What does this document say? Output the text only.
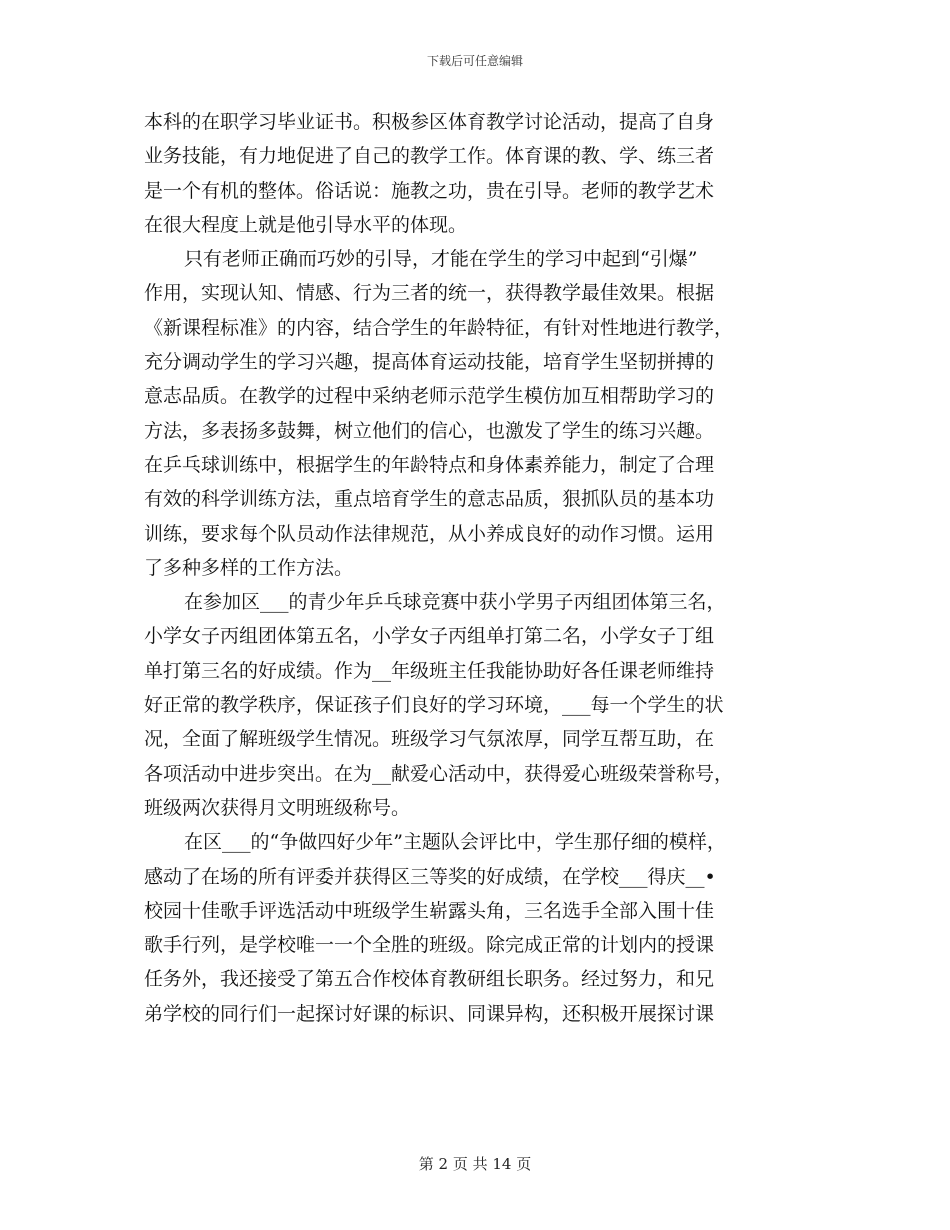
下载后可任意编辑
本科的在职学习毕业证书。积极参区体育教学讨论活动，提高了自身
业务技能，有力地促进了自己的教学工作。体育课的教、学、练三者
是一个有机的整体。俗话说：施教之功，贵在引导。老师的教学艺术
在很大程度上就是他引导水平的体现。
只有老师正确而巧妙的引导，才能在学生的学习中起到“引爆”
作用，实现认知、情感、行为三者的统一，获得教学最佳效果。根据
《新课程标准》的内容，结合学生的年龄特征，有针对性地进行教学，
充分调动学生的学习兴趣，提高体育运动技能，培育学生坚韧拼搏的
意志品质。在教学的过程中采纳老师示范学生模仿加互相帮助学习的
方法，多表扬多鼓舞，树立他们的信心，也激发了学生的练习兴趣。
在乒乓球训练中，根据学生的年龄特点和身体素养能力，制定了合理
有效的科学训练方法，重点培育学生的意志品质，狠抓队员的基本功
训练，要求每个队员动作法律规范，从小养成良好的动作习惯。运用
了多种多样的工作方法。
在参加区___的青少年乒乓球竞赛中获小学男子丙组团体第三名，
小学女子丙组团体第五名，小学女子丙组单打第二名，小学女子丁组
单打第三名的好成绩。作为__年级班主任我能协助好各任课老师维持
好正常的教学秩序，保证孩子们良好的学习环境，___每一个学生的状
况，全面了解班级学生情况。班级学习气氛浓厚，同学互帮互助，在
各项活动中进步突出。在为__献爱心活动中，获得爱心班级荣誉称号，
班级两次获得月文明班级称号。
在区___的“争做四好少年”主题队会评比中，学生那仔细的模样，
感动了在场的所有评委并获得区三等奖的好成绩，在学校___得庆__•
校园十佳歌手评选活动中班级学生崭露头角，三名选手全部入围十佳
歌手行列，是学校唯一一个全胜的班级。除完成正常的计划内的授课
任务外，我还接受了第五合作校体育教研组长职务。经过努力，和兄
弟学校的同行们一起探讨好课的标识、同课异构，还积极开展探讨课
第 2 页 共 14 页
